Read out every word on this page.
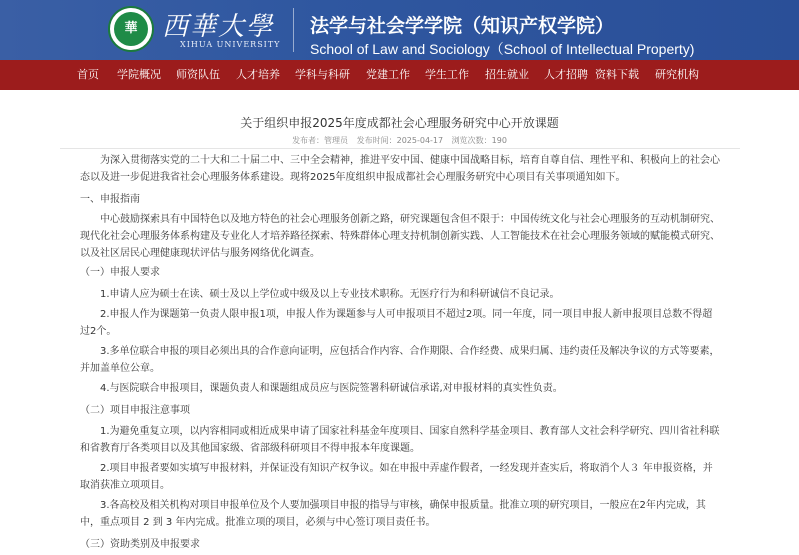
華 西華大學
XIHUA UNIVERSITY
法学与社会学学院（知识产权学院）
School of Law and Sociology（School of Intellectual Property)
首页 学院概况 师资队伍 人才培养 学科与科研 党建工作 学生工作 招生就业 人才招聘 资料下载 研究机构
关于组织申报2025年度成都社会心理服务研究中心开放课题
发布者：管理员 发布时间：2025-04-17 浏览次数：190
为深入贯彻落实党的二十大和二十届二中、三中全会精神，推进平安中国、健康中国战略目标，培育自尊自信、理性平和、积极向上的社会心态以及进一步促进我省社会心理服务体系建设。现将2025年度组织申报成都社会心理服务研究中心项目有关事项通知如下。
一、申报指南
中心鼓励探索具有中国特色以及地方特色的社会心理服务创新之路，研究课题包含但不限于：中国传统文化与社会心理服务的互动机制研究、现代化社会心理服务体系构建及专业化人才培养路径探索、特殊群体心理支持机制创新实践、人工智能技术在社会心理服务领域的赋能模式研究、以及社区居民心理健康现状评估与服务网络优化调查。
（一）申报人要求
1.申请人应为硕士在读、硕士及以上学位或中级及以上专业技术职称。无医疗行为和科研诚信不良记录。
2.申报人作为课题第一负责人限申报1项，申报人作为课题参与人可申报项目不超过2项。同一年度，同一项目申报人新申报项目总数不得超过2个。
3.多单位联合申报的项目必须出具的合作意向证明，应包括合作内容、合作期限、合作经费、成果归属、违约责任及解决争议的方式等要素，并加盖单位公章。
4.与医院联合申报项目，课题负责人和课题组成员应与医院签署科研诚信承诺,对申报材料的真实性负责。
（二）项目申报注意事项
1.为避免重复立项，以内容相同或相近成果申请了国家社科基金年度项目、国家自然科学基金项目、教育部人文社会科学研究、四川省社科联和省教育厅各类项目以及其他国家级、省部级科研项目不得申报本年度课题。
2.项目申报者要如实填写申报材料，并保证没有知识产权争议。如在申报中弄虚作假者，一经发现并查实后，将取消个人３ 年申报资格，并取消获准立项项目。
3.各高校及相关机构对项目申报单位及个人要加强项目申报的指导与审核，确保申报质量。批准立项的研究项目，一般应在2年内完成，其中，重点项目 2 到 3 年内完成。批准立项的项目，必须与中心签订项目责任书。
（三）资助类别及申报要求
